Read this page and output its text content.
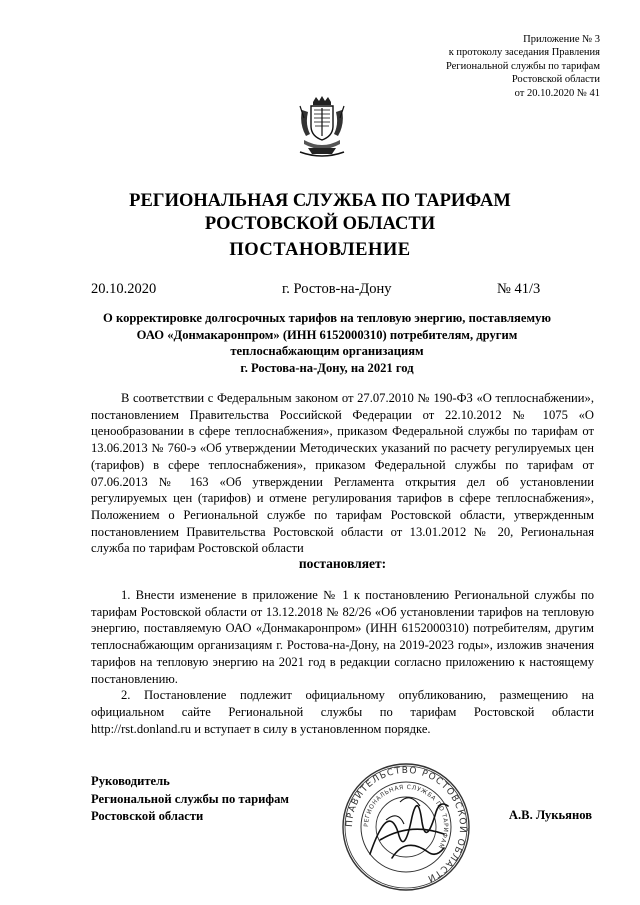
Приложение № 3
к протоколу заседания Правления
Региональной службы по тарифам
Ростовской области
от 20.10.2020 № 41
РЕГИОНАЛЬНАЯ СЛУЖБА ПО ТАРИФАМ
РОСТОВСКОЙ ОБЛАСТИ
ПОСТАНОВЛЕНИЕ
20.10.2020	г. Ростов-на-Дону	№ 41/3
О корректировке долгосрочных тарифов на тепловую энергию, поставляемую
ОАО «Донмакаронпром» (ИНН 6152000310) потребителям, другим
теплоснабжающим организациям
г. Ростова-на-Дону, на 2021 год

В соответствии с Федеральным законом от 27.07.2010 № 190-ФЗ «О теплоснабжении», постановлением Правительства Российской Федерации от 22.10.2012 № 1075 «О ценообразовании в сфере теплоснабжения», приказом Федеральной службы по тарифам от 13.06.2013 № 760-э «Об утверждении Методических указаний по расчету регулируемых цен (тарифов) в сфере теплоснабжения», приказом Федеральной службы по тарифам от 07.06.2013 № 163 «Об утверждении Регламента открытия дел об установлении регулируемых цен (тарифов) и отмене регулирования тарифов в сфере теплоснабжения», Положением о Региональной службе по тарифам Ростовской области, утвержденным постановлением Правительства Ростовской области от 13.01.2012 № 20, Региональная служба по тарифам Ростовской области

постановляет:

1. Внести изменение в приложение № 1 к постановлению Региональной службы по тарифам Ростовской области от 13.12.2018 № 82/26 «Об установлении тарифов на тепловую энергию, поставляемую ОАО «Донмакаронпром» (ИНН 6152000310) потребителям, другим теплоснабжающим организациям г. Ростова-на-Дону, на 2019-2023 годы», изложив значения тарифов на тепловую энергию на 2021 год в редакции согласно приложению к настоящему постановлению.

2. Постановление подлежит официальному опубликованию, размещению на официальном сайте Региональной службы по тарифам Ростовской области http://rst.donland.ru и вступает в силу в установленном порядке.

Руководитель
Региональной службы по тарифам
Ростовской области	ПРАВИТЕЛЬСТВО РОСТОВСКОЙ ОБЛАСТИ
РЕГИОНАЛЬНАЯ СЛУЖБА ПО ТАРИФАМ
А.В. Лукьянов
